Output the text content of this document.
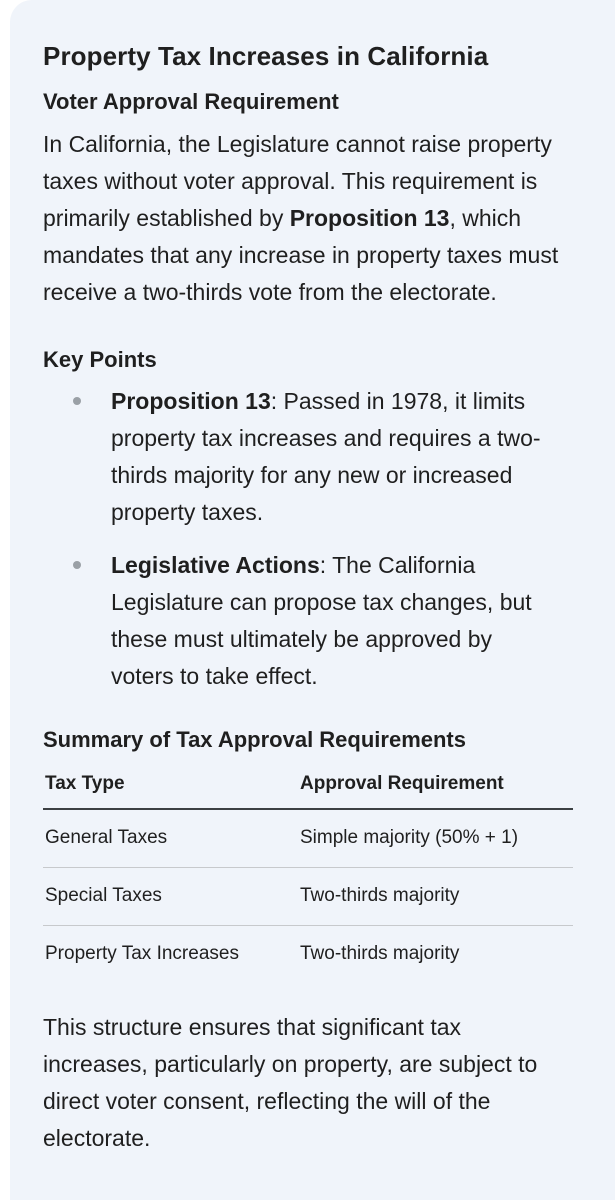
Property Tax Increases in California
Voter Approval Requirement

In California, the Legislature cannot raise property taxes without voter approval. This requirement is primarily established by Proposition 13, which mandates that any increase in property taxes must receive a two-thirds vote from the electorate.

Key Points
Proposition 13: Passed in 1978, it limits property tax increases and requires a two-thirds majority for any new or increased property taxes.
Legislative Actions: The California Legislature can propose tax changes, but these must ultimately be approved by voters to take effect.
Summary of Tax Approval Requirements
Tax Type	Approval Requirement
General Taxes	Simple majority (50% + 1)
Special Taxes	Two-thirds majority
Property Tax Increases	Two-thirds majority

This structure ensures that significant tax increases, particularly on property, are subject to direct voter consent, reflecting the will of the electorate.
